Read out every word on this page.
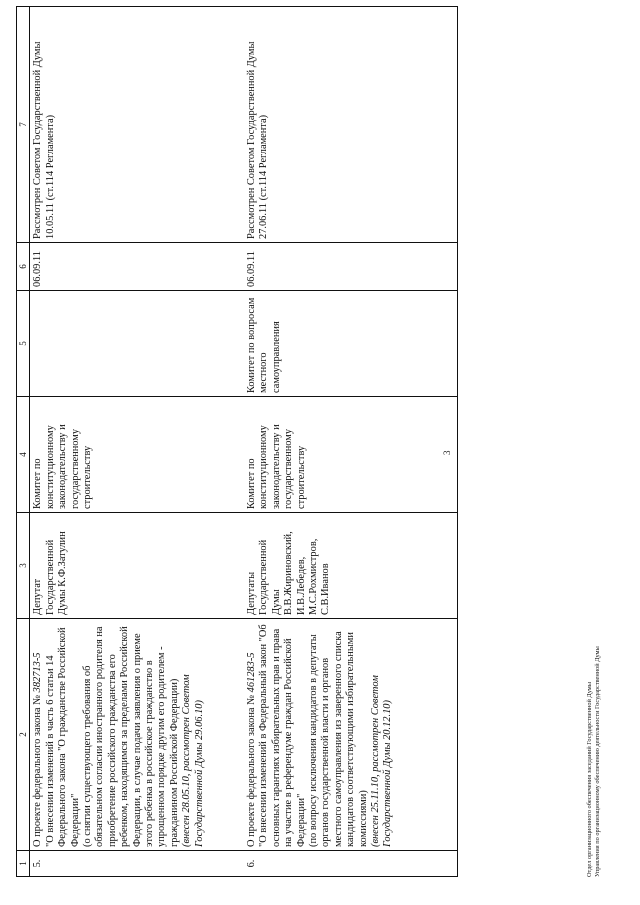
3
1	2	3	4	5	6	7
5.	О проекте федерального закона № 382713-5 "О внесении изменений в часть 6 статьи 14 Федерального закона "О гражданстве Российской Федерации" (о снятии существующего требования об обязательном согласии иностранного родителя на приобретение российского гражданства его ребенком, находящимся за пределами Российской Федерации, в случае подачи заявления о приеме этого ребенка в российское гражданство в упрощенном порядке другим его родителем - гражданином Российской Федерации) (внесен 28.05.10, рассмотрен Советом Государственной Думы 29.06.10)	Депутат Государственной Думы К.Ф.Затулин	Комитет по конституционному законодательству и государственному строительству		06.09.11	Рассмотрен Советом Государственной Думы 10.05.11 (ст.114 Регламента)
6.	О проекте федерального закона № 461283-5 "О внесении изменений в Федеральный закон "Об основных гарантиях избирательных прав и права на участие в референдуме граждан Российской Федерации" (по вопросу исключения кандидатов в депутаты органов государственной власти и органов местного самоуправления из заверенного списка кандидатов соответствующими избирательными комиссиями) (внесен 25.11.10, рассмотрен Советом Государственной Думы 20.12.10)	Депутаты Государственной Думы В.В.Жириновский, И.В.Лебедев, М.С.Рохмистров, С.В.Иванов	Комитет по конституционному законодательству и государственному строительству	Комитет по вопросам местного самоуправления	06.09.11	Рассмотрен Советом Государственной Думы 27.06.11 (ст.114 Регламента)
Отдел организационного обеспечения заседаний Государственной Думы Управления по организационному обеспечению деятельности Государственной Думы
